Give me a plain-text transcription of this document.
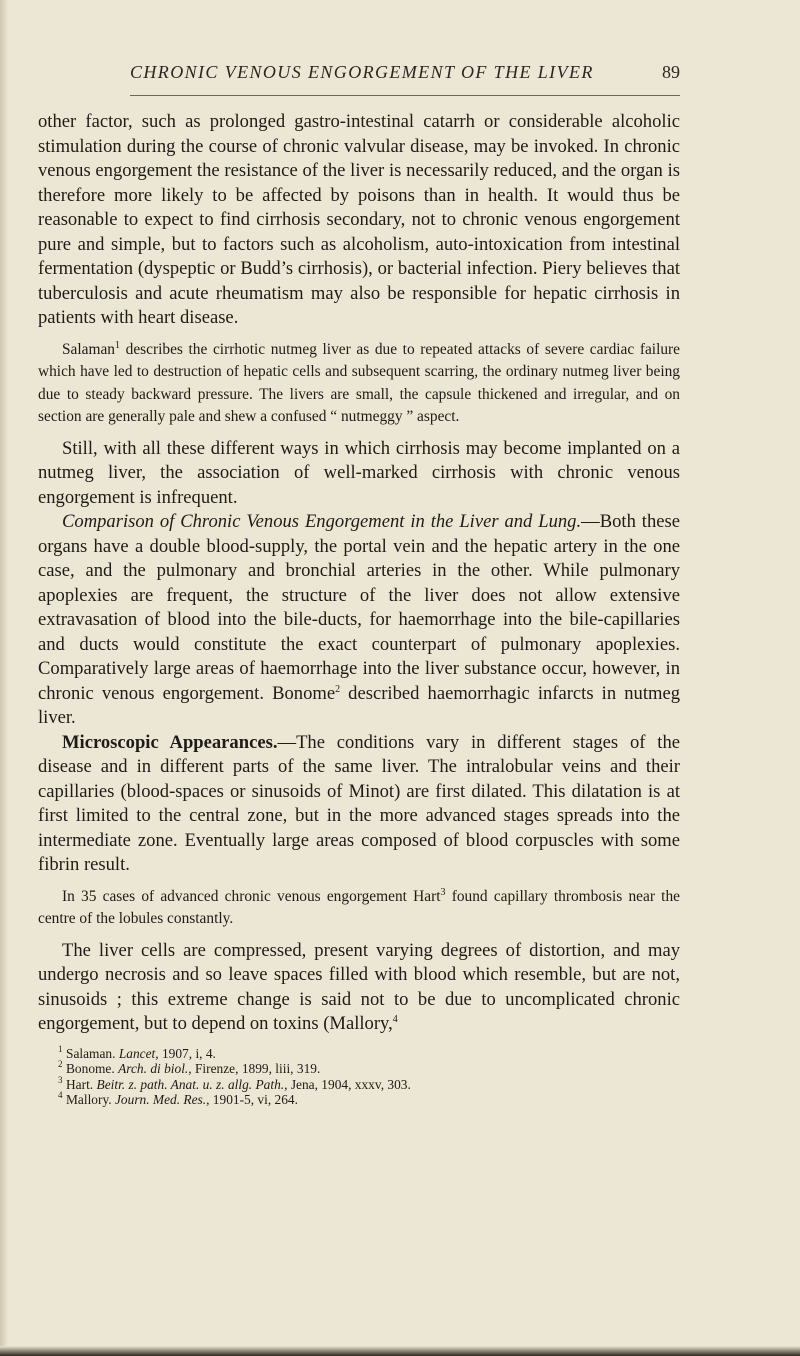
CHRONIC VENOUS ENGORGEMENT OF THE LIVER	89

other factor, such as prolonged gastro-intestinal catarrh or considerable alcoholic stimulation during the course of chronic valvular disease, may be invoked. In chronic venous engorgement the resistance of the liver is necessarily reduced, and the organ is therefore more likely to be affected by poisons than in health. It would thus be reasonable to expect to find cirrhosis secondary, not to chronic venous engorgement pure and simple, but to factors such as alcoholism, auto-intoxication from intestinal fermentation (dyspeptic or Budd’s cirrhosis), or bacterial infection. Piery believes that tuberculosis and acute rheumatism may also be responsible for hepatic cirrhosis in patients with heart disease.

Salaman$^1$ describes the cirrhotic nutmeg liver as due to repeated attacks of severe cardiac failure which have led to destruction of hepatic cells and subsequent scarring, the ordinary nutmeg liver being due to steady backward pressure. The livers are small, the capsule thickened and irregular, and on section are generally pale and shew a confused “ nutmeggy ” aspect.

Still, with all these different ways in which cirrhosis may become implanted on a nutmeg liver, the association of well-marked cirrhosis with chronic venous engorgement is infrequent.

Comparison of Chronic Venous Engorgement in the Liver and Lung.—Both these organs have a double blood-supply, the portal vein and the hepatic artery in the one case, and the pulmonary and bronchial arteries in the other. While pulmonary apoplexies are frequent, the structure of the liver does not allow extensive extravasation of blood into the bile-ducts, for haemorrhage into the bile-capillaries and ducts would constitute the exact counterpart of pulmonary apoplexies. Comparatively large areas of haemorrhage into the liver substance occur, however, in chronic venous engorgement. Bonome$^2$ described haemorrhagic infarcts in nutmeg liver.

Microscopic Appearances.—The conditions vary in different stages of the disease and in different parts of the same liver. The intralobular veins and their capillaries (blood-spaces or sinusoids of Minot) are first dilated. This dilatation is at first limited to the central zone, but in the more advanced stages spreads into the intermediate zone. Eventually large areas composed of blood corpuscles with some fibrin result.

In 35 cases of advanced chronic venous engorgement Hart$^3$ found capillary thrombosis near the centre of the lobules constantly.

The liver cells are compressed, present varying degrees of distortion, and may undergo necrosis and so leave spaces filled with blood which resemble, but are not, sinusoids ; this extreme change is said not to be due to uncomplicated chronic engorgement, but to depend on toxins (Mallory,$^4$

1 Salaman. Lancet, 1907, i, 4.
2 Bonome. Arch. di biol., Firenze, 1899, liii, 319.
3 Hart. Beitr. z. path. Anat. u. z. allg. Path., Jena, 1904, xxxv, 303.
4 Mallory. Journ. Med. Res., 1901-5, vi, 264.
